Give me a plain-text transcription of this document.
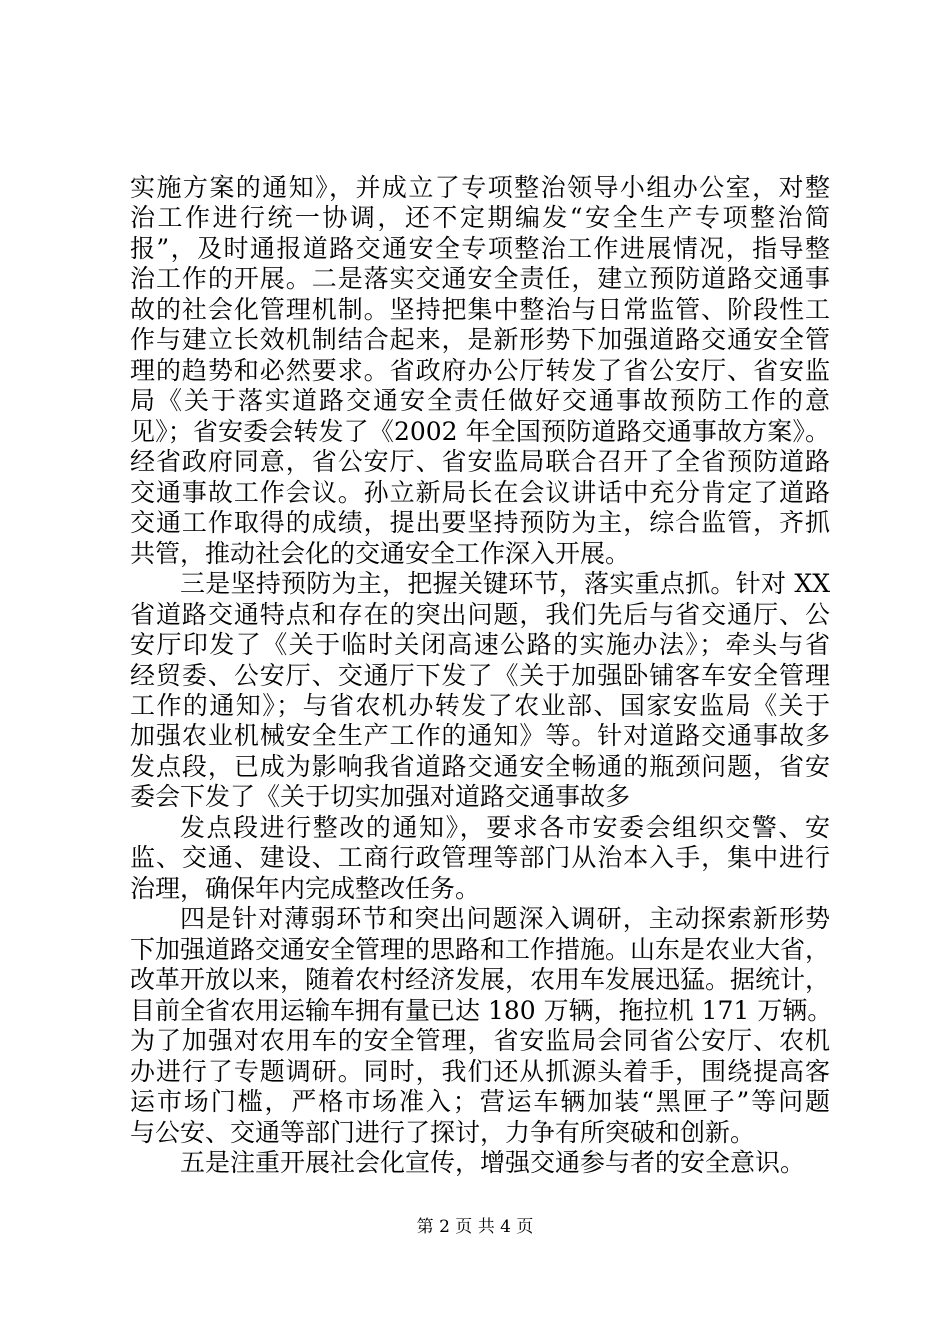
实施方案的通知》，并成立了专项整治领导小组办公室，对整
治工作进行统一协调，还不定期编发“安全生产专项整治简
报”，及时通报道路交通安全专项整治工作进展情况，指导整
治工作的开展。二是落实交通安全责任，建立预防道路交通事
故的社会化管理机制。坚持把集中整治与日常监管、阶段性工
作与建立长效机制结合起来，是新形势下加强道路交通安全管
理的趋势和必然要求。省政府办公厅转发了省公安厅、省安监
局《关于落实道路交通安全责任做好交通事故预防工作的意
见》；省安委会转发了《2002 年全国预防道路交通事故方案》。
经省政府同意，省公安厅、省安监局联合召开了全省预防道路
交通事故工作会议。孙立新局长在会议讲话中充分肯定了道路
交通工作取得的成绩，提出要坚持预防为主，综合监管，齐抓
共管，推动社会化的交通安全工作深入开展。
三是坚持预防为主，把握关键环节，落实重点抓。针对 XX
省道路交通特点和存在的突出问题，我们先后与省交通厅、公
安厅印发了《关于临时关闭高速公路的实施办法》；牵头与省
经贸委、公安厅、交通厅下发了《关于加强卧铺客车安全管理
工作的通知》；与省农机办转发了农业部、国家安监局《关于
加强农业机械安全生产工作的通知》等。针对道路交通事故多
发点段，已成为影响我省道路交通安全畅通的瓶颈问题，省安
委会下发了《关于切实加强对道路交通事故多
发点段进行整改的通知》，要求各市安委会组织交警、安
监、交通、建设、工商行政管理等部门从治本入手，集中进行
治理，确保年内完成整改任务。
四是针对薄弱环节和突出问题深入调研，主动探索新形势
下加强道路交通安全管理的思路和工作措施。山东是农业大省，
改革开放以来，随着农村经济发展，农用车发展迅猛。据统计，
目前全省农用运输车拥有量已达 180 万辆，拖拉机 171 万辆。
为了加强对农用车的安全管理，省安监局会同省公安厅、农机
办进行了专题调研。同时，我们还从抓源头着手，围绕提高客
运市场门槛，严格市场准入；营运车辆加装“黑匣子”等问题
与公安、交通等部门进行了探讨，力争有所突破和创新。
五是注重开展社会化宣传，增强交通参与者的安全意识。
第 2 页 共 4 页
